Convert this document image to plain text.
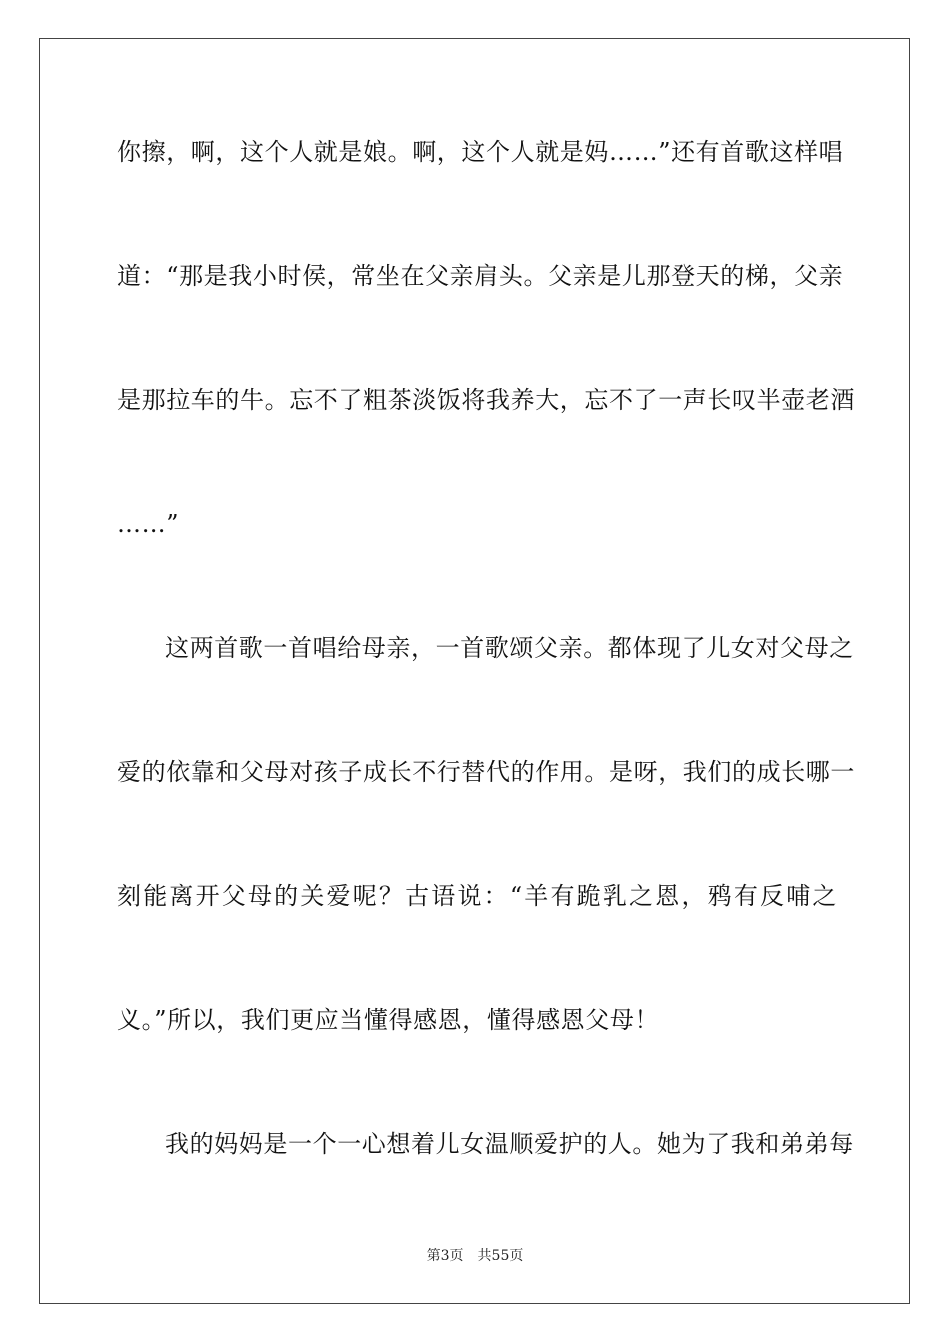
你擦，啊，这个人就是娘。啊，这个人就是妈……”还有首歌这样唱
道：“那是我小时侯，常坐在父亲肩头。父亲是儿那登天的梯，父亲
是那拉车的牛。忘不了粗茶淡饭将我养大，忘不了一声长叹半壶老酒
……”
这两首歌一首唱给母亲，一首歌颂父亲。都体现了儿女对父母之
爱的依靠和父母对孩子成长不行替代的作用。是呀，我们的成长哪一
刻能离开父母的关爱呢？古语说：“羊有跪乳之恩，鸦有反哺之
义。”所以，我们更应当懂得感恩，懂得感恩父母！
我的妈妈是一个一心想着儿女温顺爱护的人。她为了我和弟弟每
第3页 共55页
